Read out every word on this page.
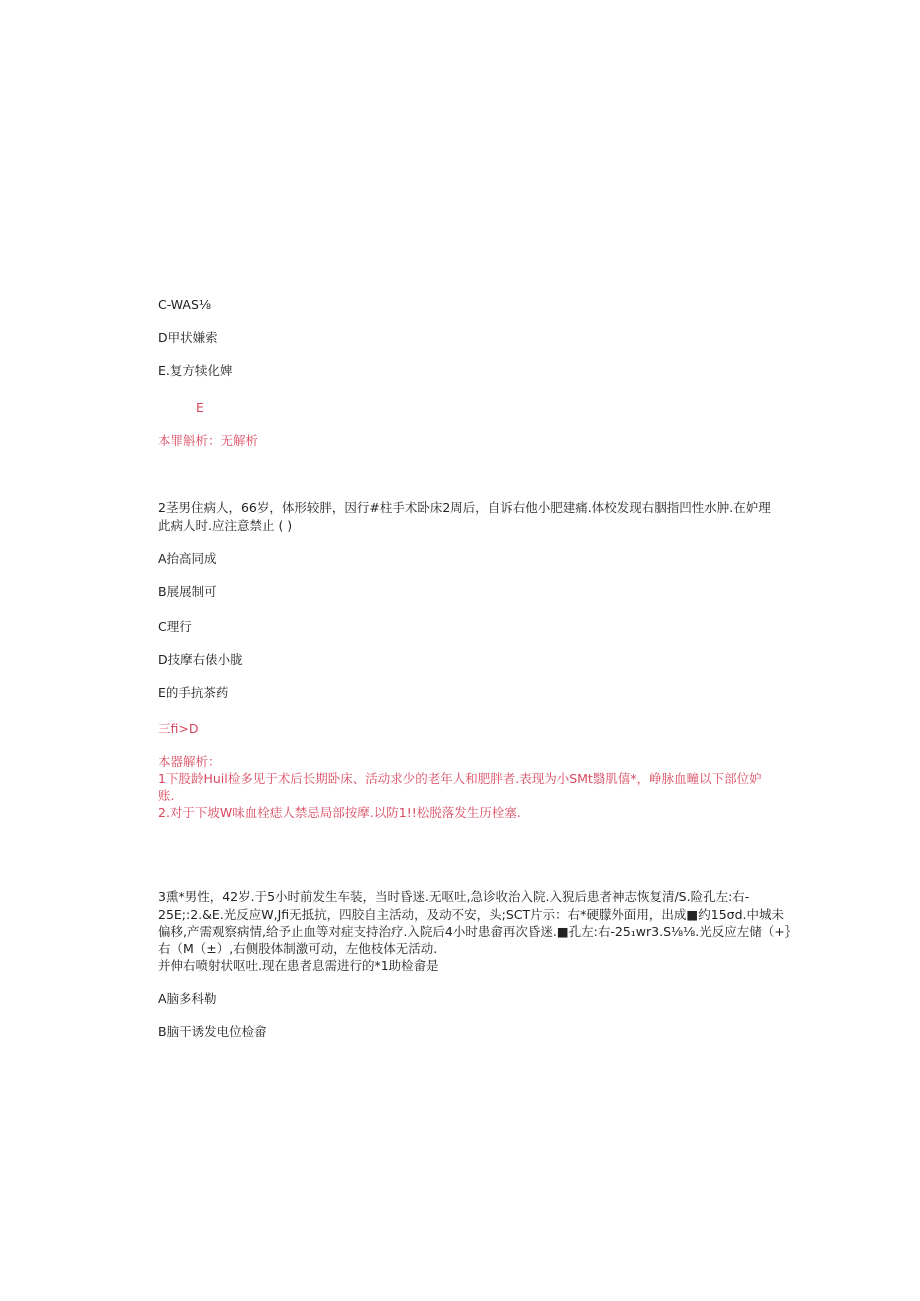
C-WAS⅛
D甲状嫌索
E.复方犊化婢
E
本罪斛析：无解析
2茎男住病人，66岁，体形较胖，因行#柱手术卧床2周后，自诉右他小肥建痛.体校发现右胭指凹性水肿.在妒理
此病人时.应注意禁止 ( )
A抬高同成
B展展制可
C理行
D技摩右俵小胧
E的手抗茶药
三fi>D
本器解析：
1下股龄Huil检多见于术后长期卧床、活动求少的老年人和肥胖者.表现为小SMt翳肌僖*，峥脉血疃以下部位妒
账.
2.对于下坡W味血栓痣人禁忌局部按摩.以防1!!松脱落发生历栓塞.
3熏*男性，42岁.于5小时前发生车装，当时昏迷.无呕吐,急诊收治入院.入猊后患者神志恢复清∕S.险孔左:右-
25E;:2.&E.光反应W,Jfi无抵抗，四胶自主活动，及动不安，头;SCT片示：右*硬朦外面用，出成■约15σd.中城未
偏移,产需观察病情,给予止血等对症支持治疗.入院后4小时患畲再次昏迷.■孔左:右-25₁wr3.S⅛⅛.光反应左储（+｝
右（M（±）,右侧股体制激可动，左他枝体无活动.
并伸右喷射状呕吐.现在患者息需进行的*1助检畲是
A脑多科勒
B脑干诱发电位检畲
